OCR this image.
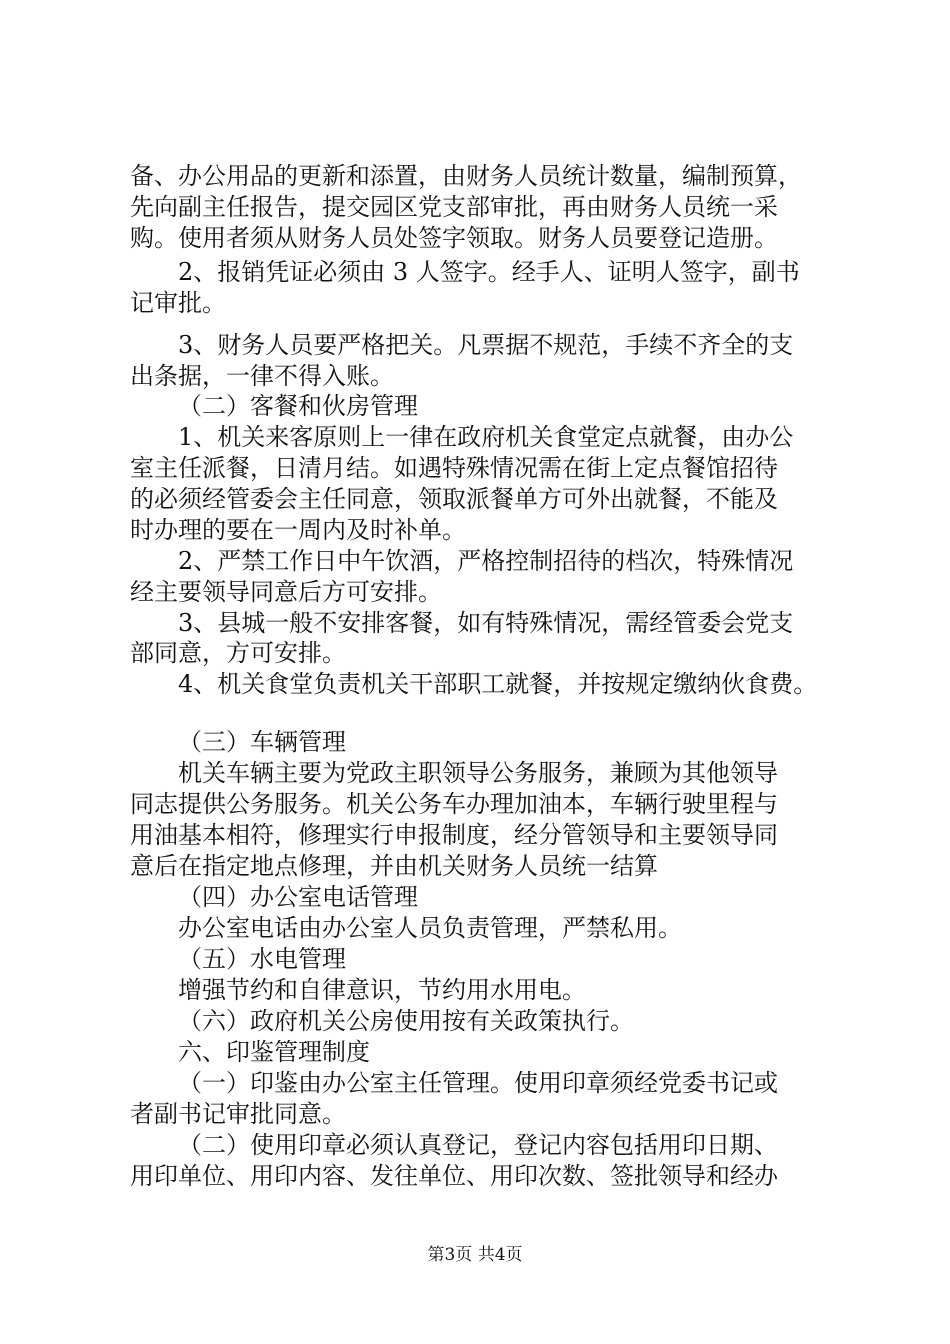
备、办公用品的更新和添置，由财务人员统计数量，编制预算，
先向副主任报告，提交园区党支部审批，再由财务人员统一采
购。使用者须从财务人员处签字领取。财务人员要登记造册。
2、报销凭证必须由 3 人签字。经手人、证明人签字，副书
记审批。
3、财务人员要严格把关。凡票据不规范，手续不齐全的支
出条据，一律不得入账。
（二）客餐和伙房管理
1、机关来客原则上一律在政府机关食堂定点就餐，由办公
室主任派餐，日清月结。如遇特殊情况需在街上定点餐馆招待
的必须经管委会主任同意，领取派餐单方可外出就餐，不能及
时办理的要在一周内及时补单。
2、严禁工作日中午饮酒，严格控制招待的档次，特殊情况
经主要领导同意后方可安排。
3、县城一般不安排客餐，如有特殊情况，需经管委会党支
部同意，方可安排。
4、机关食堂负责机关干部职工就餐，并按规定缴纳伙食费。
（三）车辆管理
机关车辆主要为党政主职领导公务服务，兼顾为其他领导
同志提供公务服务。机关公务车办理加油本，车辆行驶里程与
用油基本相符，修理实行申报制度，经分管领导和主要领导同
意后在指定地点修理，并由机关财务人员统一结算
（四）办公室电话管理
办公室电话由办公室人员负责管理，严禁私用。
（五）水电管理
增强节约和自律意识，节约用水用电。
（六）政府机关公房使用按有关政策执行。
六、印鉴管理制度
（一）印鉴由办公室主任管理。使用印章须经党委书记或
者副书记审批同意。
（二）使用印章必须认真登记，登记内容包括用印日期、
用印单位、用印内容、发往单位、用印次数、签批领导和经办
第3页 共4页
